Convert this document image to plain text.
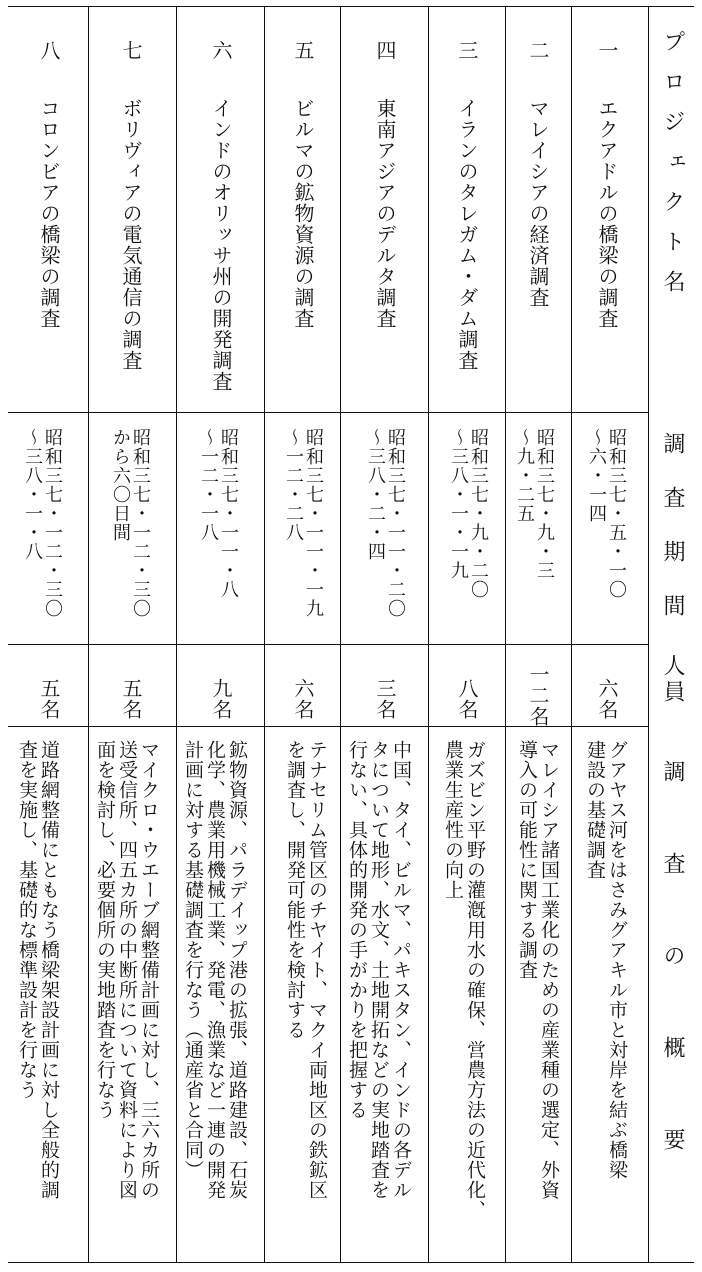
プロジェクト名
調査期間
人員
調査の概要
一
エクアドルの橋梁の調査
昭和三七・五・一〇
～六・一四
六名
グアヤス河をはさみグアキル市と対岸を結ぶ橋梁
建設の基礎調査
二
マレイシアの経済調査
昭和三七・九・三
～九・二五
一二名
マレイシア諸国工業化のための産業種の選定、外資
導入の可能性に関する調査
三
イランのタレガム・ダム調査
昭和三七・九・二〇
～三八・一・一九
八名
ガズビン平野の灌漑用水の確保、営農方法の近代化、
農業生産性の向上
四
東南アジアのデルタ調査
昭和三七・一一・二〇
～三八・二・四
三名
中国、タイ、ビルマ、パキスタン、インドの各デル
タについて地形、水文、土地開拓などの実地踏査を
行ない、具体的開発の手がかりを把握する
五
ビルマの鉱物資源の調査
昭和三七・一一・一九
～一二・二八
六名
テナセリム管区のチヤイト、マクイ両地区の鉄鉱区
を調査し、開発可能性を検討する
六
インドのオリッサ州の開発調査
昭和三七・一一・八
～一二・一八
九名
鉱物資源、パラデイップ港の拡張、道路建設、石炭
化学、農業用機械工業、発電、漁業など一連の開発
計画に対する基礎調査を行なう（通産省と合同）
七
ボリヴィアの電気通信の調査
昭和三七・一二・三〇
から六〇日間
五名
マイクロ・ウエーブ網整備計画に対し、三六カ所の
送受信所、四五カ所の中断所について資料により図
面を検討し、必要個所の実地踏査を行なう
八
コロンビアの橋梁の調査
昭和三七・一二・三〇
～三八・一・八
五名
道路網整備にともなう橋梁架設計画に対し全般的調
査を実施し、基礎的な標準設計を行なう
